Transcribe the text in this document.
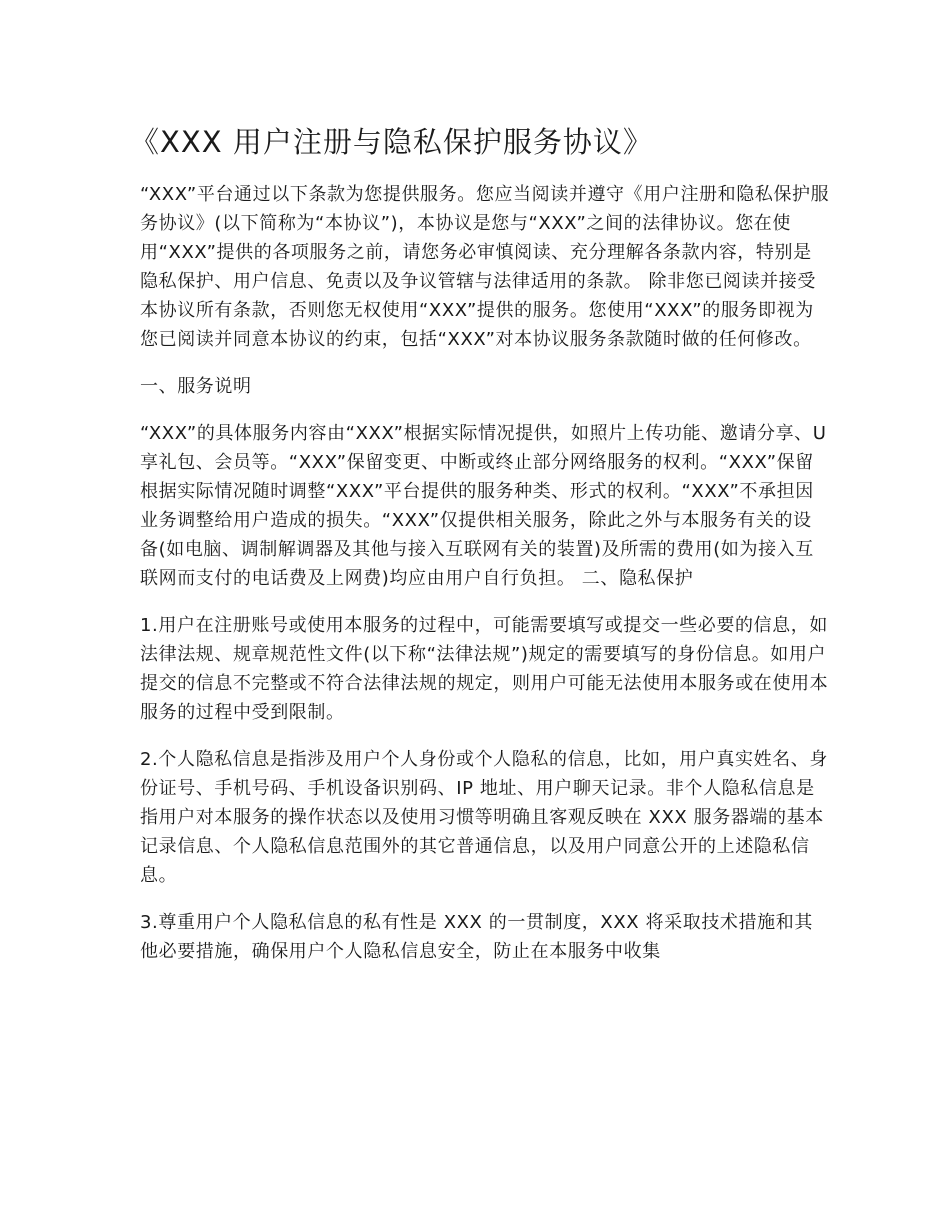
《XXX 用户注册与隐私保护服务协议》

“XXX”平台通过以下条款为您提供服务。您应当阅读并遵守《用户注册和隐私保护服务协议》(以下简称为“本协议”)，本协议是您与“XXX”之间的法律协议。您在使用“XXX”提供的各项服务之前，请您务必审慎阅读、充分理解各条款内容，特别是隐私保护、用户信息、免责以及争议管辖与法律适用的条款。 除非您已阅读并接受本协议所有条款，否则您无权使用“XXX”提供的服务。您使用“XXX”的服务即视为您已阅读并同意本协议的约束，包括“XXX”对本协议服务条款随时做的任何修改。

一、服务说明

“XXX”的具体服务内容由“XXX”根据实际情况提供，如照片上传功能、邀请分享、U 享礼包、会员等。“XXX”保留变更、中断或终止部分网络服务的权利。“XXX”保留根据实际情况随时调整“XXX”平台提供的服务种类、形式的权利。“XXX”不承担因业务调整给用户造成的损失。“XXX”仅提供相关服务，除此之外与本服务有关的设备(如电脑、调制解调器及其他与接入互联网有关的装置)及所需的费用(如为接入互联网而支付的电话费及上网费)均应由用户自行负担。 二、隐私保护

1.用户在注册账号或使用本服务的过程中，可能需要填写或提交一些必要的信息，如法律法规、规章规范性文件(以下称“法律法规”)规定的需要填写的身份信息。如用户提交的信息不完整或不符合法律法规的规定，则用户可能无法使用本服务或在使用本服务的过程中受到限制。

2.个人隐私信息是指涉及用户个人身份或个人隐私的信息，比如，用户真实姓名、身份证号、手机号码、手机设备识别码、IP 地址、用户聊天记录。非个人隐私信息是指用户对本服务的操作状态以及使用习惯等明确且客观反映在 XXX 服务器端的基本记录信息、个人隐私信息范围外的其它普通信息，以及用户同意公开的上述隐私信息。

3.尊重用户个人隐私信息的私有性是 XXX 的一贯制度，XXX 将采取技术措施和其他必要措施，确保用户个人隐私信息安全，防止在本服务中收集
